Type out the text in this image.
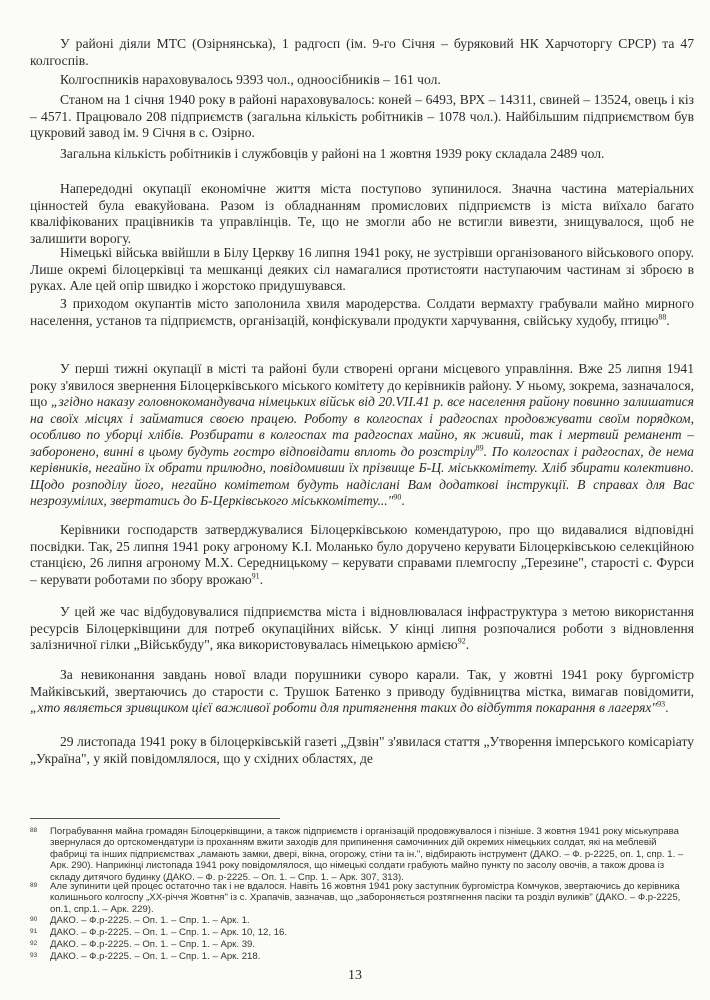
У районі діяли МТС (Озірнянська), 1 радгосп (ім. 9-го Січня – буряковий НК Харчоторгу СРСР) та 47 колгоспів.

Колгоспників нараховувалось 9393 чол., одноосібників – 161 чол.

Станом на 1 січня 1940 року в районі нараховувалось: коней – 6493, ВРХ – 14311, свиней – 13524, овець і кіз – 4571. Працювало 208 підприємств (загальна кількість робітників – 1078 чол.). Найбільшим підприємством був цукровий завод ім. 9 Січня в с. Озірно.

Загальна кількість робітників і службовців у районі на 1 жовтня 1939 року складала 2489 чол.

Напередодні окупації економічне життя міста поступово зупинилося. Значна частина матеріальних цінностей була евакуйована. Разом із обладнанням промислових підприємств із міста виїхало багато кваліфікованих працівників та управлінців. Те, що не змогли або не встигли вивезти, знищувалося, щоб не залишити ворогу.

Німецькі війська ввійшли в Білу Церкву 16 липня 1941 року, не зустрівши організованого військового опору. Лише окремі білоцерківці та мешканці деяких сіл намагалися протистояти наступаючим частинам зі зброєю в руках. Але цей опір швидко і жорстоко придушувався.

З приходом окупантів місто заполонила хвиля мародерства. Солдати вермахту грабували майно мирного населення, установ та підприємств, організацій, конфіскували продукти харчування, свійську худобу, птицю$^{88}$.

У перші тижні окупації в місті та районі були створені органи місцевого управління. Вже 25 липня 1941 року з'явилося звернення Білоцерківського міського комітету до керівників району. У ньому, зокрема, зазначалося, що „згідно наказу головнокомандувача німецьких військ від 20.VII.41 р. все населення району повинно залишатися на своїх місцях і займатися своєю працею. Роботу в колгоспах і радгоспах продовжувати своїм порядком, особливо по уборці хлібів. Розбирати в колгоспах та радгоспах майно, як живий, так і мертвий реманент – заборонено, винні в цьому будуть гостро відповідати вплоть до розстрілу$^{89}$. По колгоспах і радгоспах, де нема керівників, негайно їх обрати прилюдно, повідомивши їх прізвище Б-Ц. міськкомітету. Хліб збирати колективно. Щодо розподілу його, негайно комітетом будуть надіслані Вам додаткові інструкції. В справах для Вас незрозумілих, звертатись до Б-Церківського міськкомітету..."$^{90}$.

Керівники господарств затверджувалися Білоцерківською комендатурою, про що видавалися відповідні посвідки. Так, 25 липня 1941 року агроному К.І. Моланько було доручено керувати Білоцерківською селекційною станцією, 26 липня агроному М.Х. Середницькому – керувати справами племгоспу „Терезине", старості с. Фурси – керувати роботами по збору врожаю$^{91}$.

У цей же час відбудовувалися підприємства міста і відновлювалася інфраструктура з метою використання ресурсів Білоцерківщини для потреб окупаційних військ. У кінці липня розпочалися роботи з відновлення залізничної гілки „Військбуду", яка використовувалась німецькою армією$^{92}$.

За невиконання завдань нової влади порушники суворо карали. Так, у жовтні 1941 року бургомістр Майківський, звертаючись до старости с. Трушок Батенко з приводу будівництва містка, вимагав повідомити, „хто являється зривщиком цієї важливої роботи для притягнення таких до відбуття покарання в лагерях"$^{93}$.

29 листопада 1941 року в білоцерківській газеті „Дзвін" з'явилася стаття „Утворення імперського комісаріату „Україна", у якій повідомлялося, що у східних областях, де

88 Пограбування майна громадян Білоцерківщини, а також підприємств і організацій продовжувалося і пізніше. 3 жовтня 1941 року міськуправа звернулася до ортскомендатури із проханням вжити заходів для припинення самочинних дій окремих німецьких солдат, які на меблевій фабриці та інших підприємствах „ламають замки, двері, вікна, огорожу, стіни та ін.", відбирають інструмент (ДАКО. – Ф. р-2225, оп. 1, спр. 1. – Арк. 290). Наприкінці листопада 1941 року повідомлялося, що німецькі солдати грабують майно пункту по засолу овочів, а також дрова із складу дитячого будинку (ДАКО. – Ф. р-2225. – Оп. 1. – Спр. 1. – Арк. 307, 313).
89 Але зупинити цей процес остаточно так і не вдалося. Навіть 16 жовтня 1941 року заступник бургомістра Комчуков, звертаючись до керівника колишнього колгоспу „ХХ-річчя Жовтня" із с. Храпачів, зазначав, що „забороняється розтягнення пасіки та розділ вуликів" (ДАКО. – Ф.р-2225, оп.1, спр.1. – Арк. 229).
90 ДАКО. – Ф.р-2225. – Оп. 1. – Спр. 1. – Арк. 1.
91 ДАКО. – Ф.р-2225. – Оп. 1. – Спр. 1. – Арк. 10, 12, 16.
92 ДАКО. – Ф.р-2225. – Оп. 1. – Спр. 1. – Арк. 39.
93 ДАКО. – Ф.р-2225. – Оп. 1. – Спр. 1. – Арк. 218.
13
